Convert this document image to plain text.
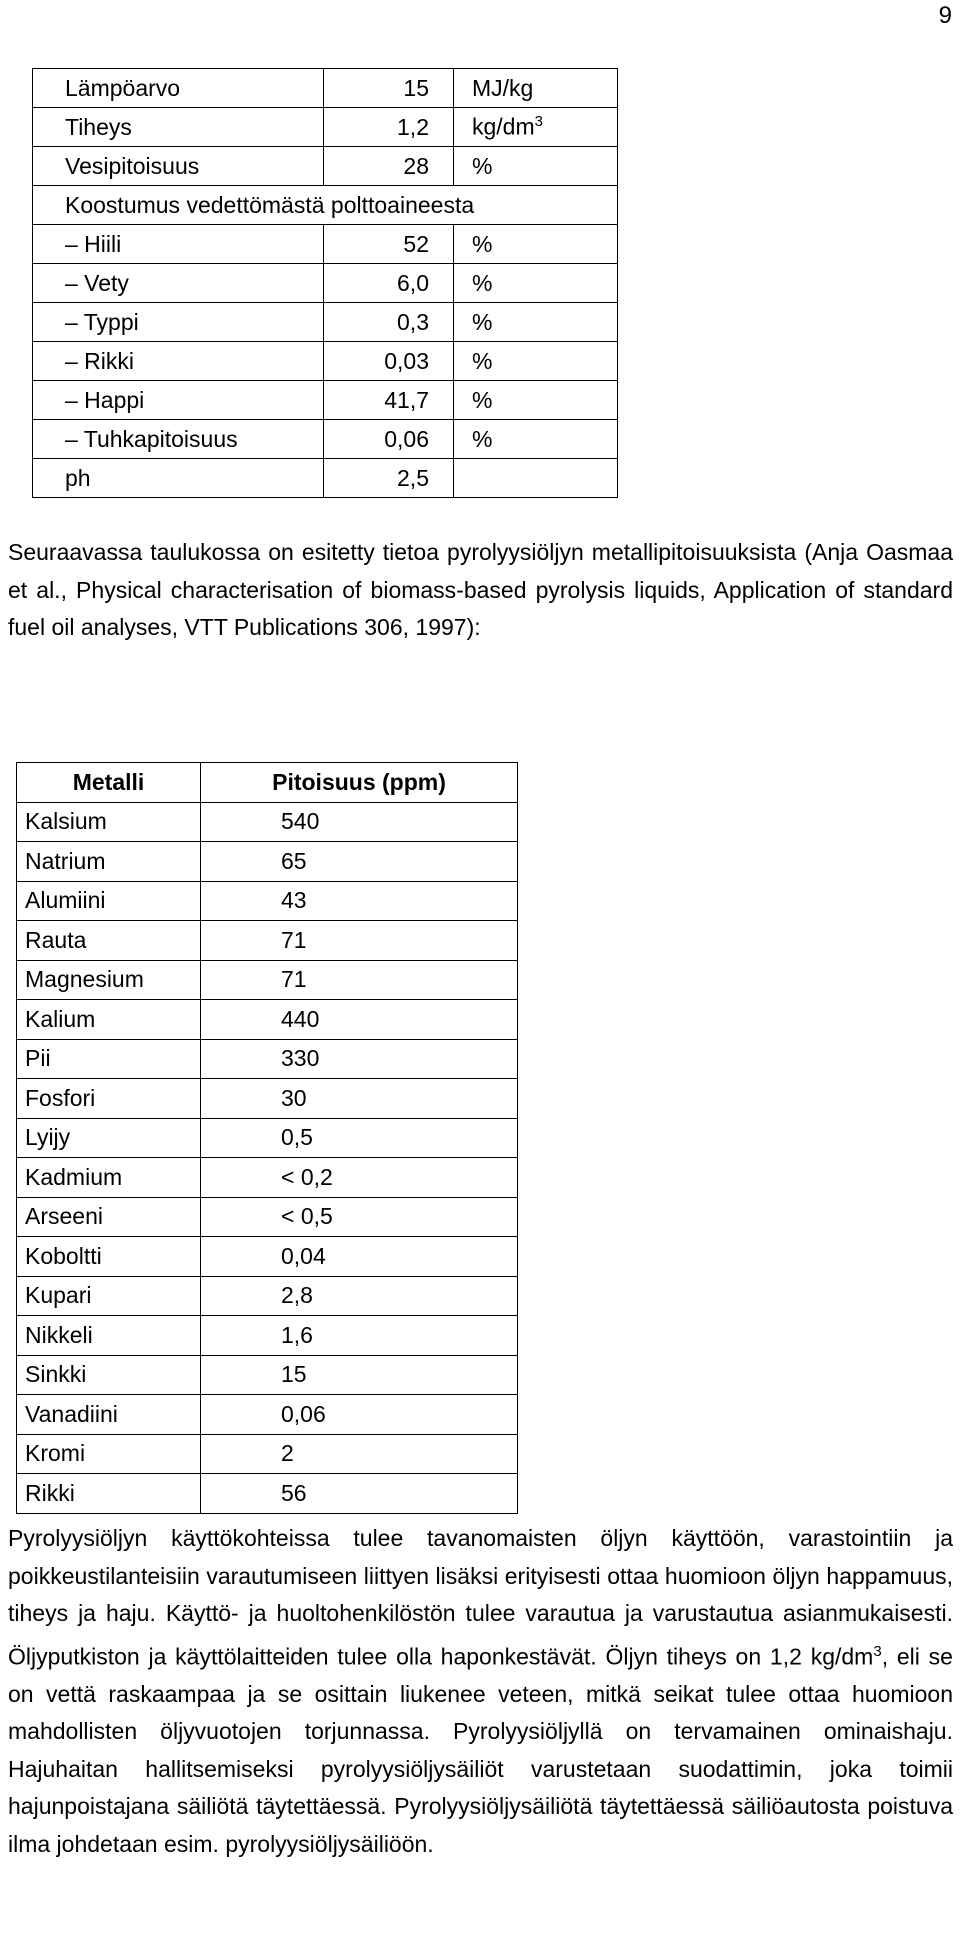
9
Lämpöarvo	15	MJ/kg
Tiheys	1,2	$kg/dm^3$
Vesipitoisuus	28	%
Koostumus vedettömästä polttoaineesta		
– Hiili	52	%
– Vety	6,0	%
– Typpi	0,3	%
– Rikki	0,03	%
– Happi	41,7	%
– Tuhkapitoisuus	0,06	%
ph	2,5	

Seuraavassa taulukossa on esitetty tietoa pyrolyysiöljyn metallipitoisuuksista (Anja Oasmaa et al., Physical characterisation of biomass-based pyrolysis liquids, Application of standard fuel oil analyses, VTT Publications 306, 1997):

Metalli	Pitoisuus (ppm)
Kalsium	540
Natrium	65
Alumiini	43
Rauta	71
Magnesium	71
Kalium	440
Pii	330
Fosfori	30
Lyijy	0,5
Kadmium	< 0,2
Arseeni	< 0,5
Koboltti	0,04
Kupari	2,8
Nikkeli	1,6
Sinkki	15
Vanadiini	0,06
Kromi	2
Rikki	56

Pyrolyysiöljyn käyttökohteissa tulee tavanomaisten öljyn käyttöön, varastointiin ja poikkeustilanteisiin varautumiseen liittyen lisäksi erityisesti ottaa huomioon öljyn happamuus, tiheys ja haju. Käyttö- ja huoltohenkilöstön tulee varautua ja varustautua asianmukaisesti. Öljyputkiston ja käyttölaitteiden tulee olla haponkestävät. Öljyn tiheys on 1,2 $kg/dm^3$, eli se on vettä raskaampaa ja se osittain liukenee veteen, mitkä seikat tulee ottaa huomioon mahdollisten öljyvuotojen torjunnassa. Pyrolyysiöljyllä on tervamainen ominaishaju. Hajuhaitan hallitsemiseksi pyrolyysiöljysäiliöt varustetaan suodattimin, joka toimii hajunpoistajana säiliötä täytettäessä. Pyrolyysiöljysäiliötä täytettäessä säiliöautosta poistuva ilma johdetaan esim. pyrolyysiöljysäiliöön.
